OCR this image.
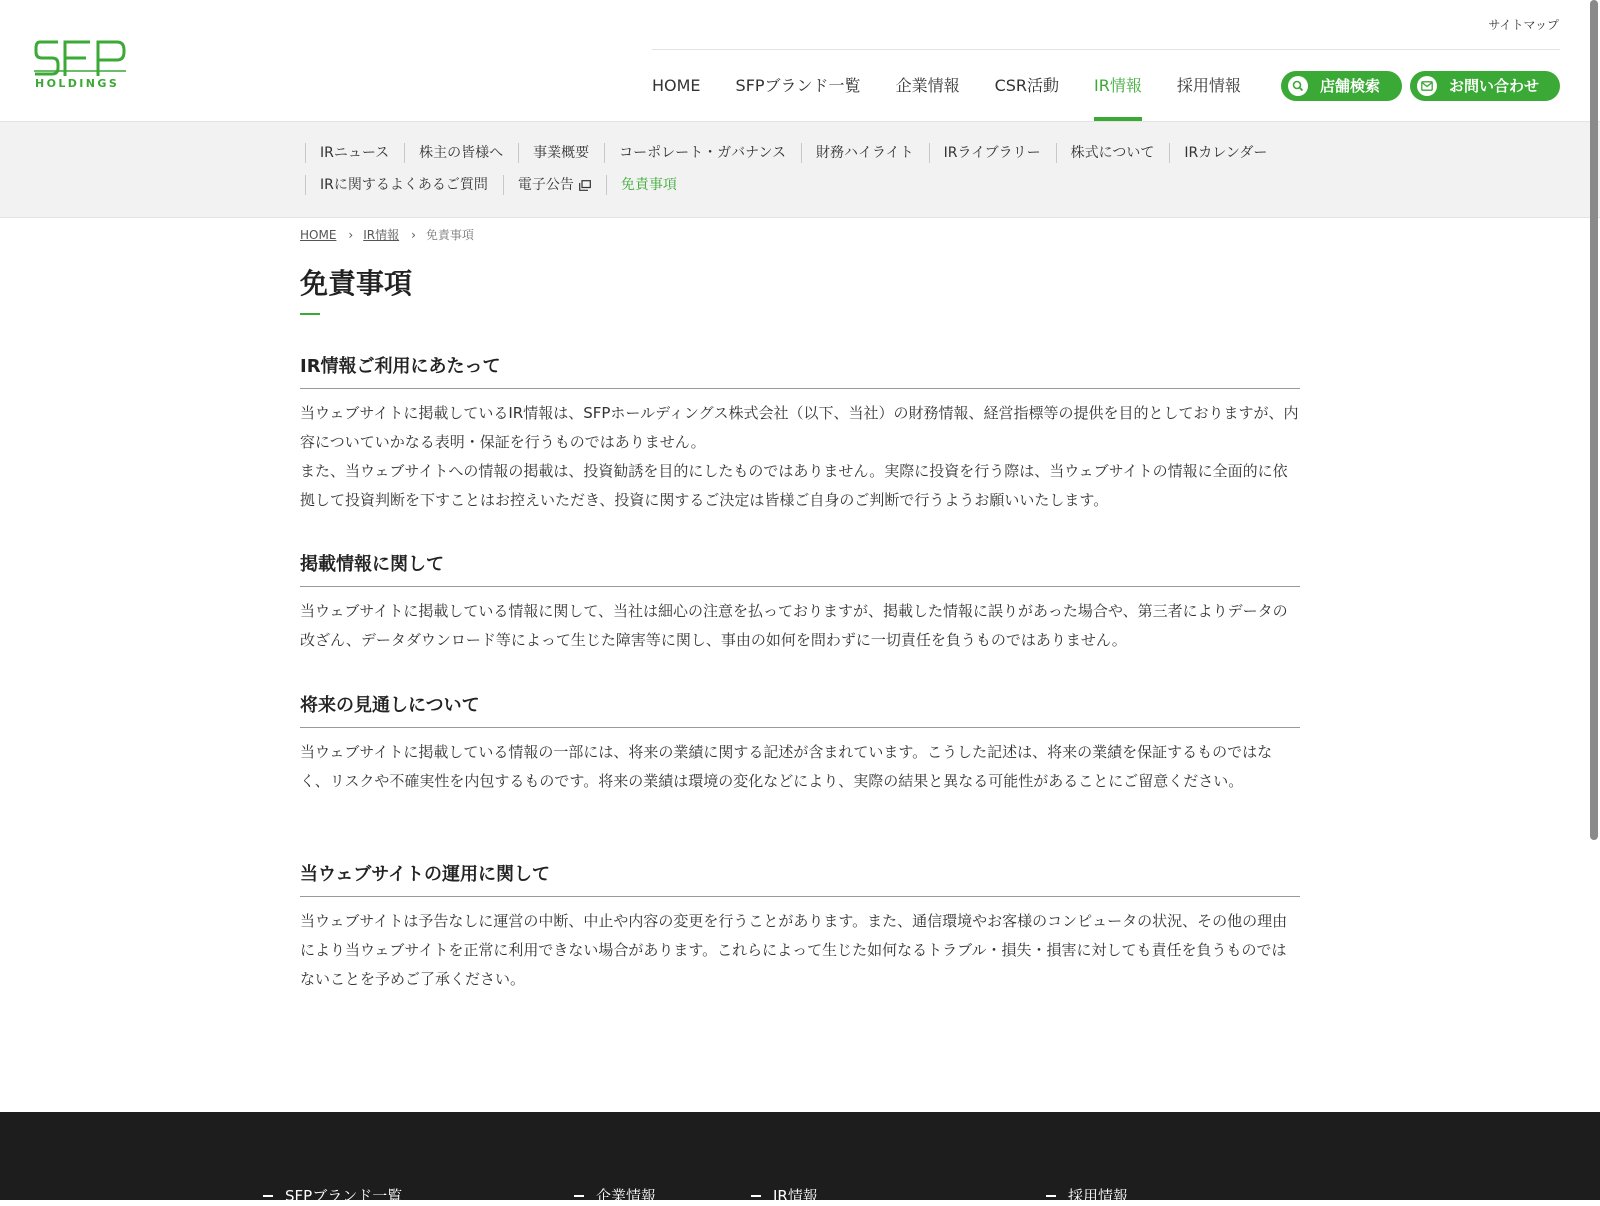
HOLDINGS
サイトマップ
HOME SFPブランド一覧 企業情報 CSR活動 IR情報 採用情報	店舗検索	お問い合わせ
IRニュース	株主の皆様へ	事業概要	コーポレート・ガバナンス	財務ハイライト	IRライブラリー	株式について	IRカレンダー
IRに関するよくあるご質問	電子公告	免責事項
HOME › IR情報 › 免責事項
免責事項
IR情報ご利用にあたって

当ウェブサイトに掲載しているIR情報は、SFPホールディングス株式会社（以下、当社）の財務情報、経営指標等の提供を目的としておりますが、内容についていかなる表明・保証を行うものではありません。

また、当ウェブサイトへの情報の掲載は、投資勧誘を目的にしたものではありません。実際に投資を行う際は、当ウェブサイトの情報に全面的に依拠して投資判断を下すことはお控えいただき、投資に関するご決定は皆様ご自身のご判断で行うようお願いいたします。

掲載情報に関して

当ウェブサイトに掲載している情報に関して、当社は細心の注意を払っておりますが、掲載した情報に誤りがあった場合や、第三者によりデータの改ざん、データダウンロード等によって生じた障害等に関し、事由の如何を問わずに一切責任を負うものではありません。

将来の見通しについて

当ウェブサイトに掲載している情報の一部には、将来の業績に関する記述が含まれています。こうした記述は、将来の業績を保証するものではなく、リスクや不確実性を内包するものです。将来の業績は環境の変化などにより、実際の結果と異なる可能性があることにご留意ください。

当ウェブサイトの運用に関して

当ウェブサイトは予告なしに運営の中断、中止や内容の変更を行うことがあります。また、通信環境やお客様のコンピュータの状況、その他の理由により当ウェブサイトを正常に利用できない場合があります。これらによって生じた如何なるトラブル・損失・損害に対しても責任を負うものではないことを予めご了承ください。

SFPブランド一覧	企業情報	IR情報	採用情報
